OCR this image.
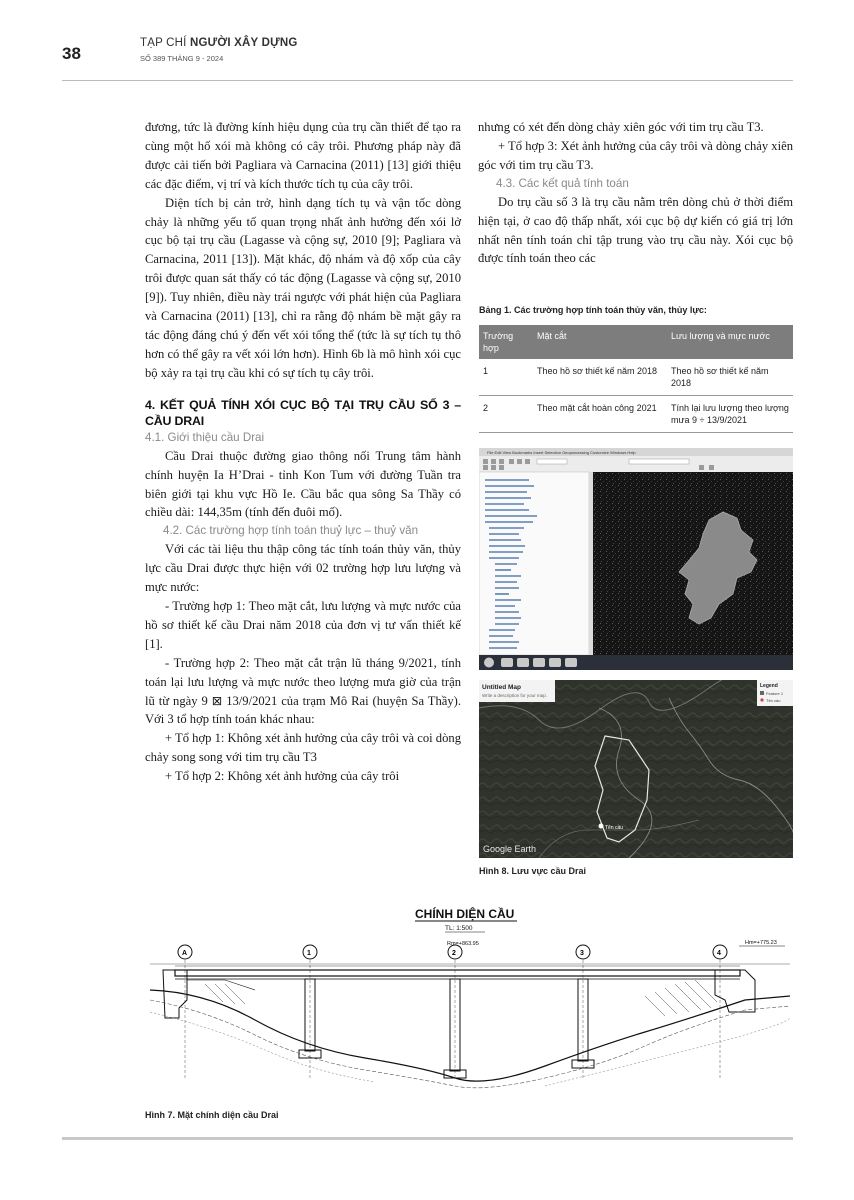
38
TẠP CHÍ NGƯỜI XÂY DỰNG
SỐ 389 THÁNG 9 - 2024

đương, tức là đường kính hiệu dụng của trụ cần thiết để tạo ra cùng một hố xói mà không có cây trôi. Phương pháp này đã được cải tiến bởi Pagliara và Carnacina (2011) [13] giới thiệu các đặc điểm, vị trí và kích thước tích tụ của cây trôi.

Diện tích bị cản trở, hình dạng tích tụ và vận tốc dòng chảy là những yếu tố quan trọng nhất ảnh hưởng đến xói lở cục bộ tại trụ cầu (Lagasse và cộng sự, 2010 [9]; Pagliara và Carnacina, 2011 [13]). Mặt khác, độ nhám và độ xốp của cây trôi được quan sát thấy có tác động (Lagasse và cộng sự, 2010 [9]). Tuy nhiên, điều này trái ngược với phát hiện của Pagliara và Carnacina (2011) [13], chỉ ra rằng độ nhám bề mặt gây ra tác động đáng chú ý đến vết xói tổng thể (tức là sự tích tụ thô hơn có thể gây ra vết xói lớn hơn). Hình 6b là mô hình xói cục bộ xảy ra tại trụ cầu khi có sự tích tụ cây trôi.

4. KẾT QUẢ TÍNH XÓI CỤC BỘ TẠI TRỤ CẦU SỐ 3 – CẦU DRAI
4.1. Giới thiệu cầu Drai

Cầu Drai thuộc đường giao thông nối Trung tâm hành chính huyện Ia H’Drai - tỉnh Kon Tum với đường Tuần tra biên giới tại khu vực Hồ Ie. Cầu bắc qua sông Sa Thầy có chiều dài: 144,35m (tính đến đuôi mố).

4.2. Các trường hợp tính toán thuỷ lực – thuỷ văn

Với các tài liệu thu thập công tác tính toán thủy văn, thủy lực cầu Drai được thực hiện với 02 trường hợp lưu lượng và mực nước:

- Trường hợp 1: Theo mặt cắt, lưu lượng và mực nước của hồ sơ thiết kế cầu Drai năm 2018 của đơn vị tư vấn thiết kế [1].

- Trường hợp 2: Theo mặt cắt trận lũ tháng 9/2021, tính toán lại lưu lượng và mực nước theo lượng mưa giờ của trận lũ từ ngày 9 ⊠ 13/9/2021 của trạm Mô Rai (huyện Sa Thầy). Với 3 tổ hợp tính toán khác nhau:

+ Tổ hợp 1: Không xét ảnh hưởng của cây trôi và coi dòng chảy song song với tim trụ cầu T3

+ Tổ hợp 2: Không xét ảnh hưởng của cây trôi

nhưng có xét đến dòng chảy xiên góc với tim trụ cầu T3.

+ Tổ hợp 3: Xét ảnh hưởng của cây trôi và dòng chảy xiên góc với tim trụ cầu T3.

4.3. Các kết quả tính toán

Do trụ cầu số 3 là trụ cầu nằm trên dòng chủ ở thời điểm hiện tại, ở cao độ thấp nhất, xói cục bộ dự kiến có giá trị lớn nhất nên tính toán chỉ tập trung vào trụ cầu này. Xói cục bộ được tính toán theo các

Bảng 1. Các trường hợp tính toán thủy văn, thủy lực:
Trường hợp	Mặt cắt	Lưu lượng và mực nước
1	Theo hồ sơ thiết kế năm 2018	Theo hồ sơ thiết kế năm 2018
2	Theo mặt cắt hoàn công 2021	Tính lại lưu lượng theo lượng mưa 9 ÷ 13/9/2021
File Edit View Bookmarks Insert Selection Geoprocessing Customize Windows Help
Untitled Map
Write a description for your map.
Legend
Feature 1
Tên cầu
Tên cầu
Google Earth
Hình 8. Lưu vực cầu Drai
CHÍNH DIỆN CẦU
TL: 1:500
Rm=+863.95	Hm=+775.23
A	1	2	3	4
Hình 7. Mặt chính diện cầu Drai
